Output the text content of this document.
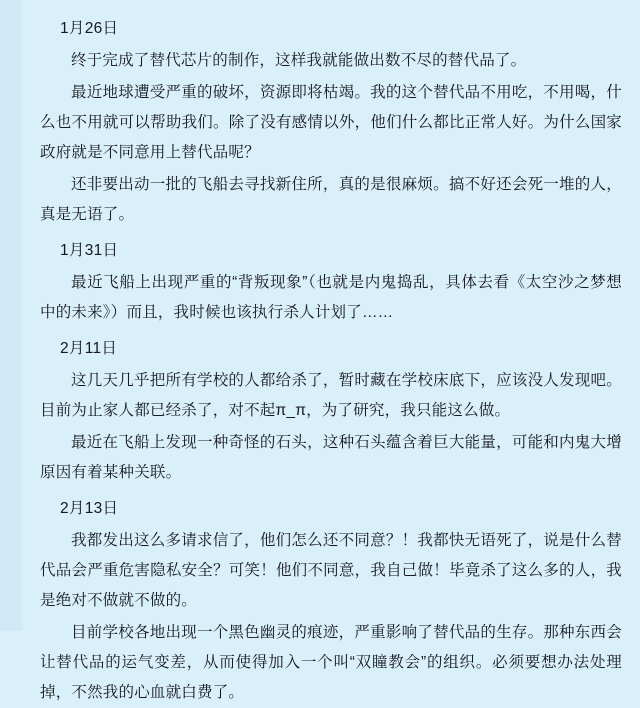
1月26日

终于完成了替代芯片的制作，这样我就能做出数不尽的替代品了。

最近地球遭受严重的破坏，资源即将枯竭。我的这个替代品不用吃，不用喝，什么也不用就可以帮助我们。除了没有感情以外，他们什么都比正常人好。为什么国家政府就是不同意用上替代品呢？

还非要出动一批的飞船去寻找新住所，真的是很麻烦。搞不好还会死一堆的人，真是无语了。

1月31日

最近飞船上出现严重的“背叛现象”（也就是内鬼捣乱，具体去看《太空沙之梦想中的未来》）而且，我时候也该执行杀人计划了……

2月11日

这几天几乎把所有学校的人都给杀了，暂时藏在学校床底下，应该没人发现吧。目前为止家人都已经杀了，对不起π_π，为了研究，我只能这么做。

最近在飞船上发现一种奇怪的石头，这种石头蕴含着巨大能量，可能和内鬼大增原因有着某种关联。

2月13日

我都发出这么多请求信了，他们怎么还不同意？！我都快无语死了，说是什么替代品会严重危害隐私安全？可笑！他们不同意，我自己做！毕竟杀了这么多的人，我是绝对不做就不做的。

目前学校各地出现一个黑色幽灵的痕迹，严重影响了替代品的生存。那种东西会让替代品的运气变差，从而使得加入一个叫“双瞳教会”的组织。必须要想办法处理掉，不然我的心血就白费了。
